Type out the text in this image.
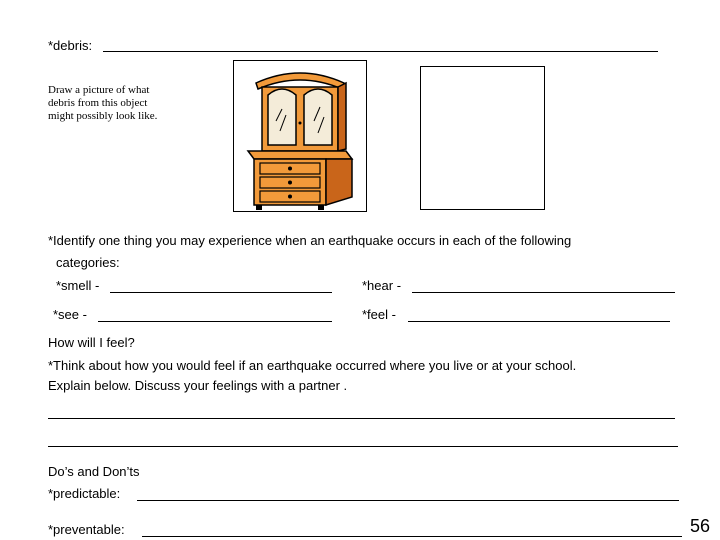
*debris:
Draw a picture of what
debris from this object
might possibly look like.
*Identify one thing you may experience when an earthquake occurs in each of the following
categories:
*smell -	*hear -
*see -	*feel -
How will I feel?
*Think about how you would feel if an earthquake occurred where you live or at your school.
Explain below. Discuss your feelings with a partner .
Do’s and Don’ts
*predictable:
*preventable:	56
